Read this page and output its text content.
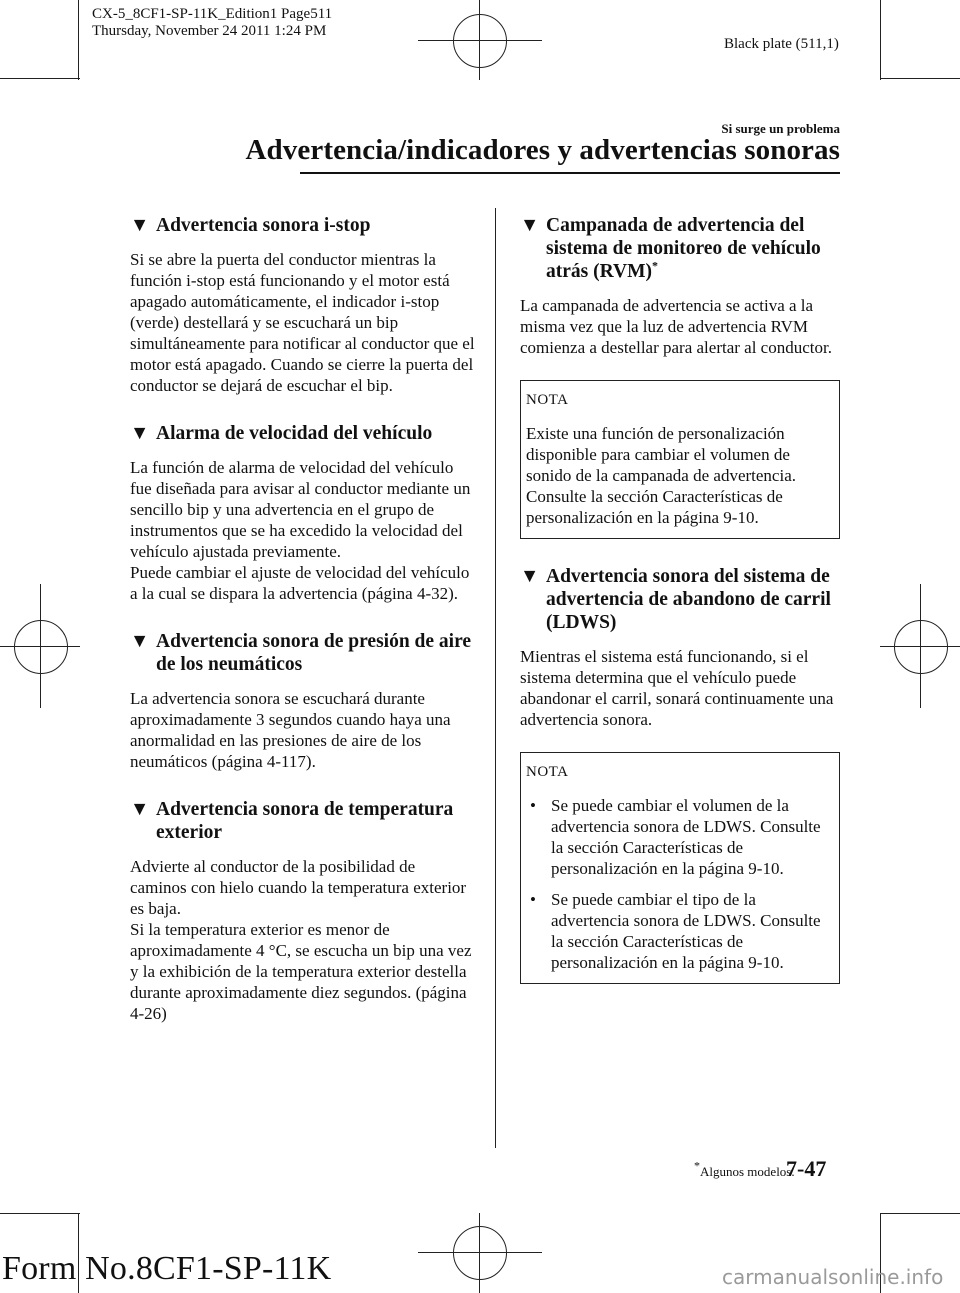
CX-5_8CF1-SP-11K_Edition1 Page511
Thursday, November 24 2011 1:24 PM
Black plate (511,1)
Si surge un problema
Advertencia/indicadores y advertencias sonoras
▼ Advertencia sonora i-stop

Si se abre la puerta del conductor mientras la función i-stop está funcionando y el motor está apagado automáticamente, el indicador i-stop (verde) destellará y se escuchará un bip simultáneamente para notificar al conductor que el motor está apagado. Cuando se cierre la puerta del conductor se dejará de escuchar el bip.

▼ Alarma de velocidad del vehículo

La función de alarma de velocidad del vehículo fue diseñada para avisar al conductor mediante un sencillo bip y una advertencia en el grupo de instrumentos que se ha excedido la velocidad del vehículo ajustada previamente.

Puede cambiar el ajuste de velocidad del vehículo a la cual se dispara la advertencia (página 4-32).

▼ Advertencia sonora de presión de aire de los neumáticos

La advertencia sonora se escuchará durante aproximadamente 3 segundos cuando haya una anormalidad en las presiones de aire de los neumáticos (página 4-117).

▼ Advertencia sonora de temperatura exterior

Advierte al conductor de la posibilidad de caminos con hielo cuando la temperatura exterior es baja.

Si la temperatura exterior es menor de aproximadamente 4 °C, se escucha un bip una vez y la exhibición de la temperatura exterior destella durante aproximadamente diez segundos. (página 4-26)

▼ Campanada de advertencia del sistema de monitoreo de vehículo atrás (RVM)*

La campanada de advertencia se activa a la misma vez que la luz de advertencia RVM comienza a destellar para alertar al conductor.

NOTA

Existe una función de personalización disponible para cambiar el volumen de sonido de la campanada de advertencia. Consulte la sección Características de personalización en la página 9-10.

▼ Advertencia sonora del sistema de advertencia de abandono de carril (LDWS)

Mientras el sistema está funcionando, si el sistema determina que el vehículo puede abandonar el carril, sonará continuamente una advertencia sonora.

NOTA

• Se puede cambiar el volumen de la advertencia sonora de LDWS. Consulte la sección Características de personalización en la página 9-10.
• Se puede cambiar el tipo de la advertencia sonora de LDWS. Consulte la sección Características de personalización en la página 9-10.
*Algunos modelos.
7-47
Form No.8CF1-SP-11K	carmanualsonline.info
